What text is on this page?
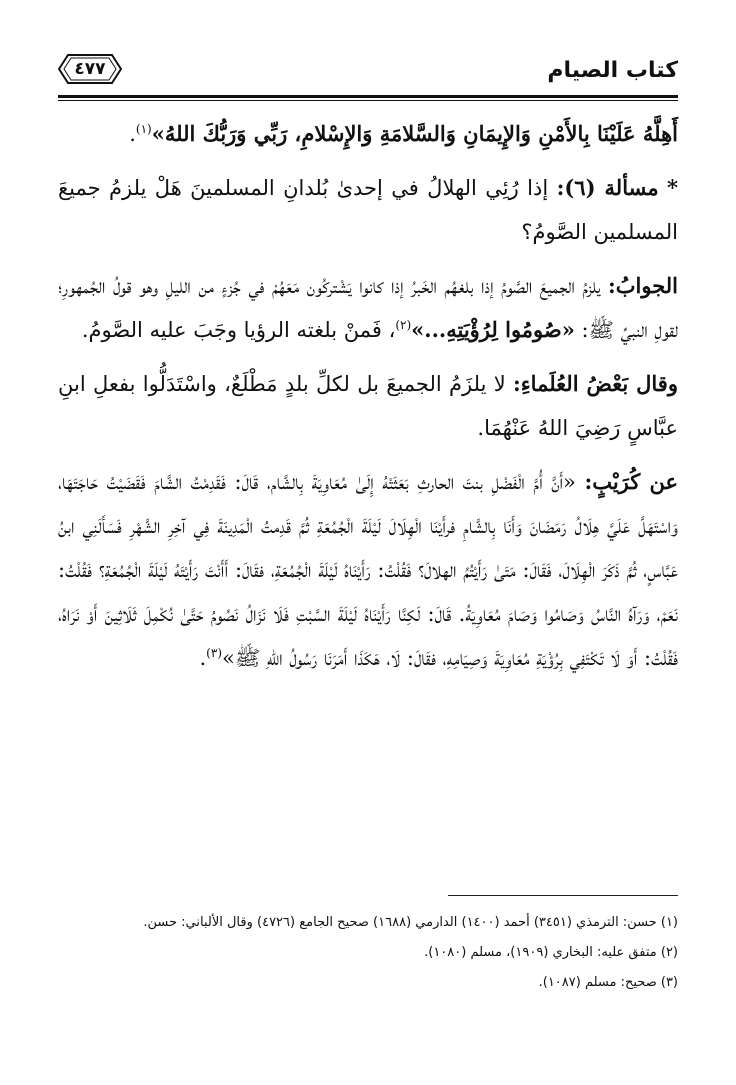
كتاب الصيام
٤٧٧

أَهِلَّهُ عَلَيْنَا بِالأَمْنِ وَالإِيمَانِ وَالسَّلامَةِ وَالإِسْلامِ، رَبِّي وَرَبُّكَ اللهُ»$^{(١)}$.

* مسألة (٦): إذا رُئِي الهلالُ في إحدىٰ بُلدانِ المسلمينَ هَلْ يلزمُ جميعَ المسلمين الصَّومُ؟

الجوابُ: يلزمُ الجميعَ الصَّومُ إذا بلغهُم الخَبرُ إذا كانوا يَشْتركُون مَعَهُمْ في جُزءٍ من الليلِ وهو قولُ الجُمهورِ؛ لقولِ النبيِّ ﷺ: «صُومُوا لِرُؤْيَتِهِ...»$^{(٢)}$، فَمنْ بلغته الرؤيا وجَبَ عليه الصَّومُ.

وقال بَعْضُ العُلَماءِ: لا يلزَمُ الجميعَ بل لكلِّ بلدٍ مَطْلَعٌ، واسْتَدَلُّوا بفعلِ ابنِ عبَّاسٍ رَضِيَ اللهُ عَنْهُمَا.

عن كُرَيْبٍ: «أَنَّ أُمَّ الْفَضْلِ بنتَ الحارثِ بَعَثَتْهُ إِلَىٰ مُعَاوِيَةَ بِالشَّام، قَالَ: فَقَدِمْتُ الشَّامَ فَقَضَيْتُ حَاجَتَهَا، وَاسْتَهَلَّ عَلَيَّ هِلَالُ رَمَضَانَ وَأَنَا بِالشَّامِ فرأَيْنَا الْهِلَالَ لَيْلَةَ الْجُمُعَةِ ثُمَّ قَدِمتُ الْمَدِينَةَ فِي آخِرِ الشَّهْرِ فَسَأَلَنِي ابنُ عَبَّاسٍ، ثُمَّ ذَكَرَ الْهِلَالَ، فَقَالَ: مَتَىٰ رَأَيْتُمُ الهلالَ؟ فَقُلْتُ: رَأَيْنَاهُ لَيْلَةَ الْجُمُعَةِ، فقَالَ: أَأَنْتَ رَأَيْتَهُ لَيْلَةَ الْجُمُعَةِ؟ فَقُلْتُ: نَعَمْ، وَرَآهُ النَّاسُ وَصَامُوا وَصَامَ مُعَاوِيَةُ. قَالَ: لَكِنَّا رَأَيْنَاهُ لَيْلَةَ السَّبْتِ فَلَا نَزَالُ نَصُومُ حَتَّىٰ نُكْمِلَ ثَلَاثِينَ أَوْ نَرَاهُ، فَقُلْتُ: أَوَ لَا تَكْتَفِي بِرُؤْيَةِ مُعَاوِيَةَ وَصِيَامِهِ، فقَالَ: لَا، هَكَذَا أَمَرَنَا رَسُولُ اللهِ ﷺ»$^{(٣)}$.

(١) حسن: الترمذي (٣٤٥١) أحمد (١٤٠٠) الدارمي (١٦٨٨) صحيح الجامع (٤٧٢٦) وقال الألباني: حسن.
(٢) متفق عليه: البخاري (١٩٠٩)، مسلم (١٠٨٠).
(٣) صحيح: مسلم (١٠٨٧).
